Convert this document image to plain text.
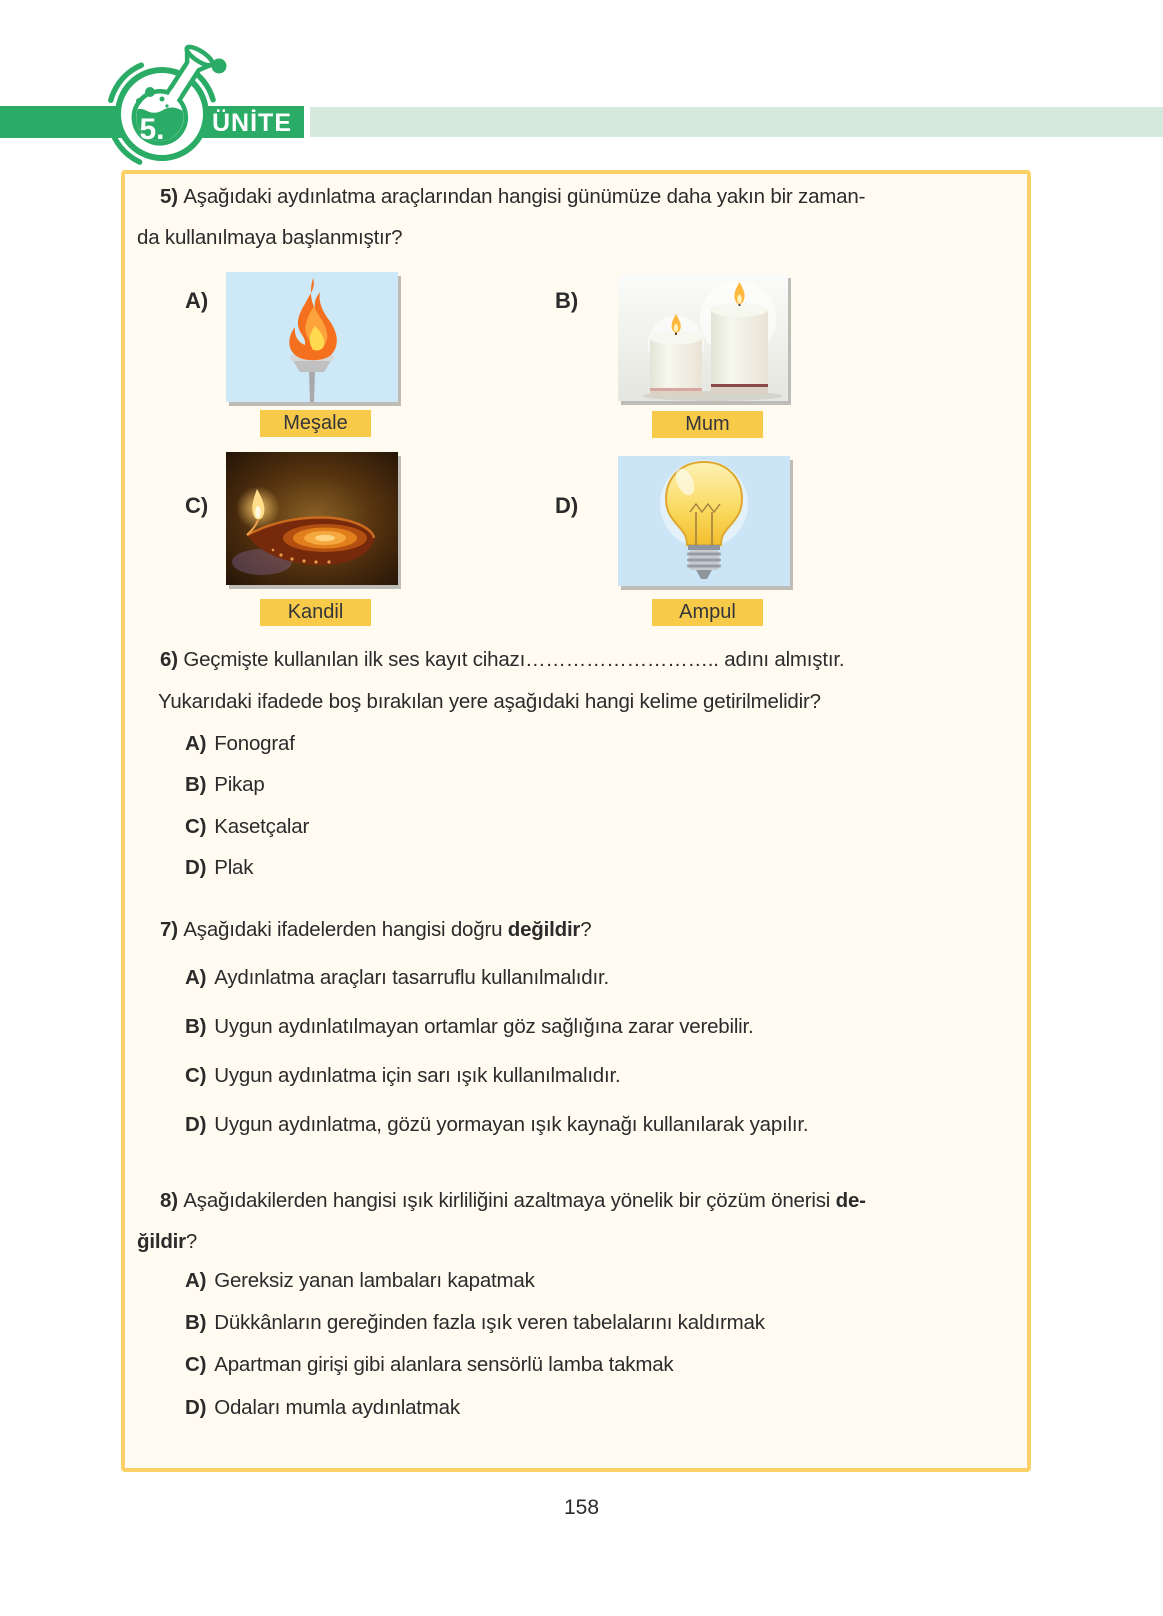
ÜNİTE
5.
5) Aşağıdaki aydınlatma araçlarından hangisi günümüze daha yakın bir zaman-
da kullanılmaya başlanmıştır?
A)	B)
C)	D)
Meşale	Mum
Kandil	Ampul
6) Geçmişte kullanılan ilk ses kayıt cihazı……………………….. adını almıştır.
Yukarıdaki ifadede boş bırakılan yere aşağıdaki hangi kelime getirilmelidir?
A) Fonograf
B) Pikap
C) Kasetçalar
D) Plak
7) Aşağıdaki ifadelerden hangisi doğru değildir?
A) Aydınlatma araçları tasarruflu kullanılmalıdır.
B) Uygun aydınlatılmayan ortamlar göz sağlığına zarar verebilir.
C) Uygun aydınlatma için sarı ışık kullanılmalıdır.
D) Uygun aydınlatma, gözü yormayan ışık kaynağı kullanılarak yapılır.
8) Aşağıdakilerden hangisi ışık kirliliğini azaltmaya yönelik bir çözüm önerisi de-
ğildir?
A) Gereksiz yanan lambaları kapatmak
B) Dükkânların gereğinden fazla ışık veren tabelalarını kaldırmak
C) Apartman girişi gibi alanlara sensörlü lamba takmak
D) Odaları mumla aydınlatmak
158
